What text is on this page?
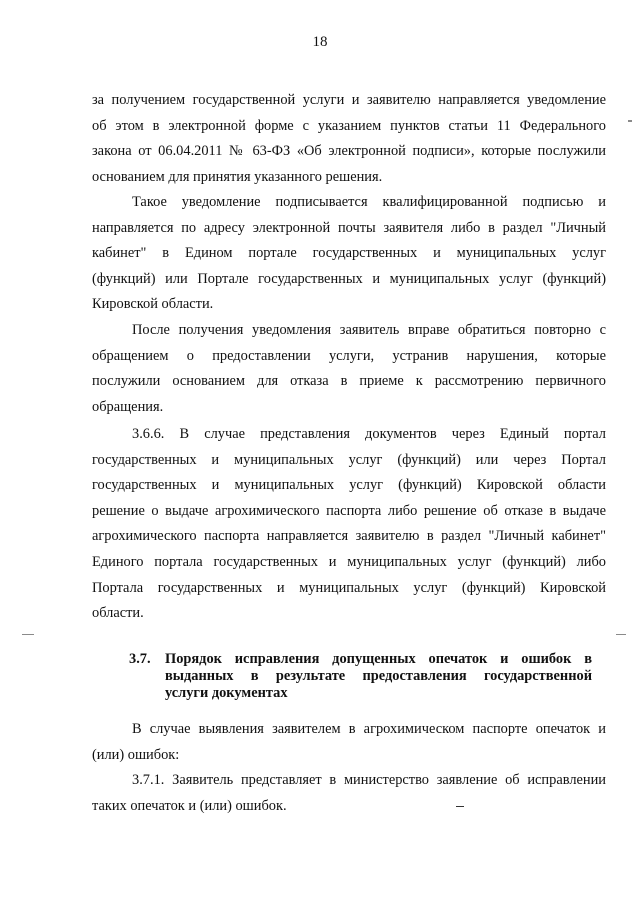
18
за получением государственной услуги и заявителю направляется уведомление
об этом в электронной форме с указанием пунктов статьи 11 Федерального
закона от 06.04.2011 № 63-ФЗ «Об электронной подписи», которые послужили
основанием для принятия указанного решения.
Такое уведомление подписывается квалифицированной подписью и
направляется по адресу электронной почты заявителя либо в раздел "Личный
кабинет" в Едином портале государственных и муниципальных услуг
(функций) или Портале государственных и муниципальных услуг (функций)
Кировской области.
После получения уведомления заявитель вправе обратиться повторно с
обращением о предоставлении услуги, устранив нарушения, которые
послужили основанием для отказа в приеме к рассмотрению первичного
обращения.
3.6.6. В случае представления документов через Единый портал
государственных и муниципальных услуг (функций) или через Портал
государственных и муниципальных услуг (функций) Кировской области
решение о выдаче агрохимического паспорта либо решение об отказе в выдаче
агрохимического паспорта направляется заявителю в раздел "Личный кабинет"
Единого портала государственных и муниципальных услуг (функций) либо
Портала государственных и муниципальных услуг (функций) Кировской
области.
3.7. Порядок исправления допущенных опечаток и ошибок в
выданных в результате предоставления государственной
услуги документах
В случае выявления заявителем в агрохимическом паспорте опечаток и
(или) ошибок:
3.7.1. Заявитель представляет в министерство заявление об исправлении
таких опечаток и (или) ошибок.
